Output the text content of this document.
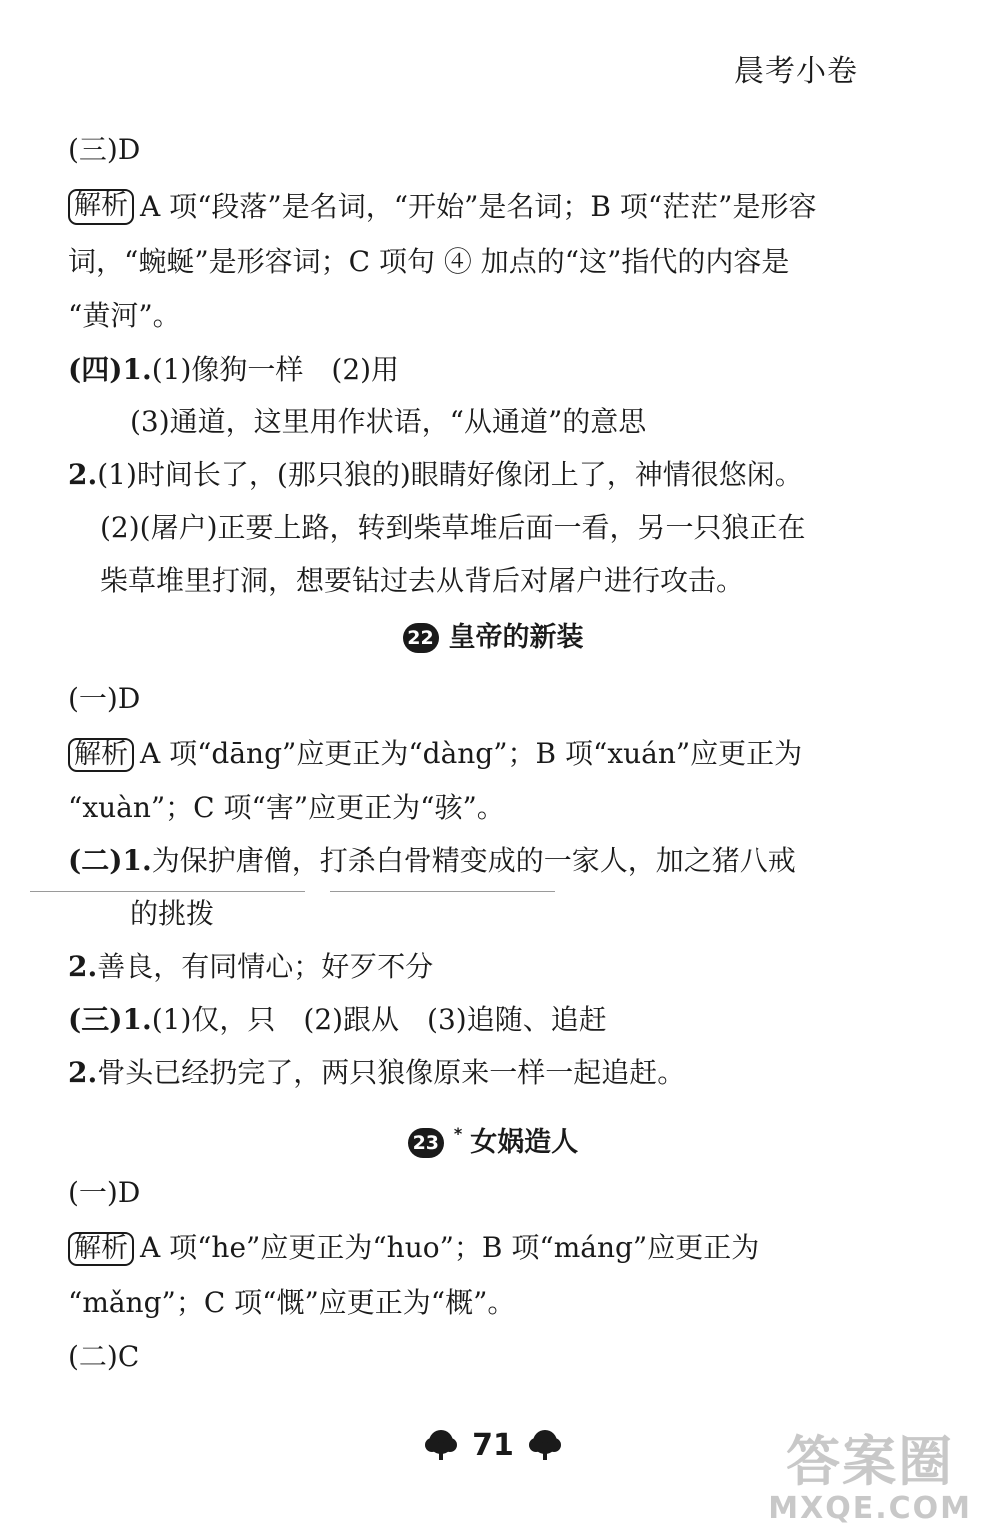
晨考小卷
(三)D
解析 A 项“段落”是名词，“开始”是名词；B 项“茫茫”是形容
词，“蜿蜒”是形容词；C 项句 ④ 加点的“这”指代的内容是
“黄河”。
(四)1.(1)像狗一样　(2)用
(3)通道，这里用作状语，“从通道”的意思
2.(1)时间长了，(那只狼的)眼睛好像闭上了，神情很悠闲。
(2)(屠户)正要上路，转到柴草堆后面一看，另一只狼正在
柴草堆里打洞，想要钻过去从背后对屠户进行攻击。
22 皇帝的新装
(一)D
解析 A 项“dāng”应更正为“dàng”；B 项“xuán”应更正为
“xuàn”；C 项“害”应更正为“骇”。
(二)1.为保护唐僧，打杀白骨精变成的一家人，加之猪八戒
的挑拨
2.善良，有同情心；好歹不分
(三)1.(1)仅，只　(2)跟从　(3)追随、追赶
2.骨头已经扔完了，两只狼像原来一样一起追赶。
23 * 女娲造人
(一)D
解析 A 项“he”应更正为“huo”；B 项“máng”应更正为
“mǎng”；C 项“慨”应更正为“概”。
(二)C
71	答案圈
MXQE.COM
